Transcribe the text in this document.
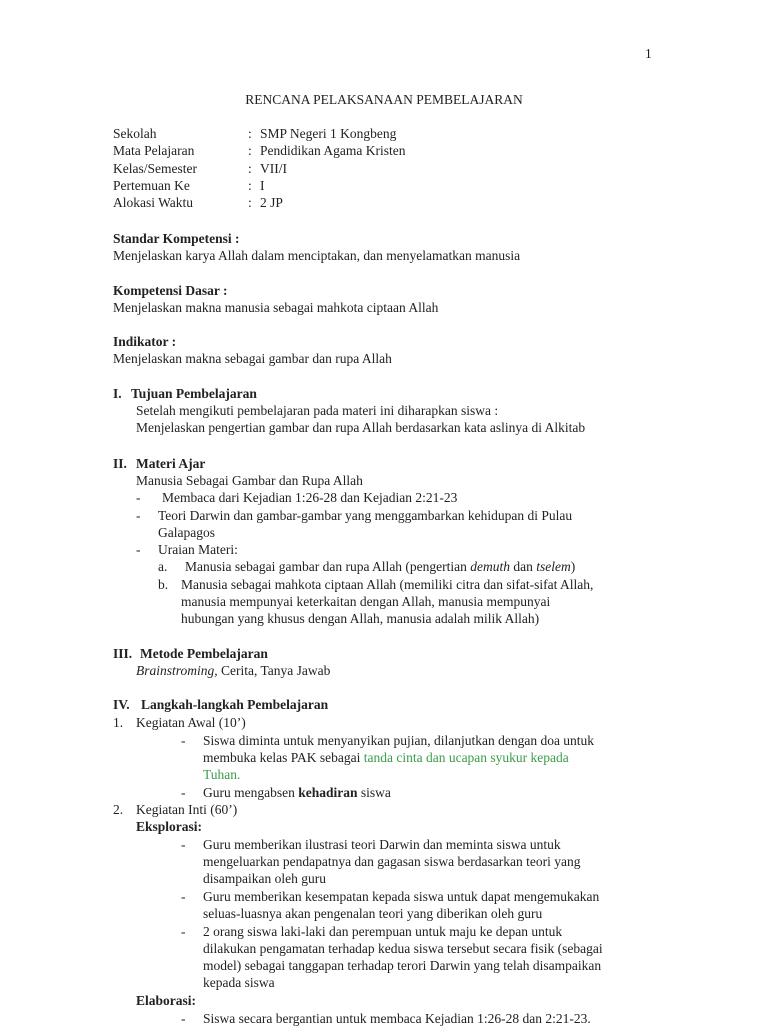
1
RENCANA PELAKSANAAN PEMBELAJARAN
Sekolah	: SMP Negeri 1 Kongbeng
Mata Pelajaran	: Pendidikan Agama Kristen
Kelas/Semester	: VII/I
Pertemuan Ke	: I
Alokasi Waktu	: 2 JP
Standar Kompetensi :
Menjelaskan karya Allah dalam menciptakan, dan menyelamatkan manusia
Kompetensi Dasar :
Menjelaskan makna manusia sebagai mahkota ciptaan Allah
Indikator :
Menjelaskan makna sebagai gambar dan rupa Allah
I. Tujuan Pembelajaran
Setelah mengikuti pembelajaran pada materi ini diharapkan siswa :
Menjelaskan pengertian gambar dan rupa Allah berdasarkan kata aslinya di Alkitab
II. Materi Ajar
Manusia Sebagai Gambar dan Rupa Allah
- Membaca dari Kejadian 1:26-28 dan Kejadian 2:21-23
- Teori Darwin dan gambar-gambar yang menggambarkan kehidupan di Pulau
Galapagos
- Uraian Materi:
a. Manusia sebagai gambar dan rupa Allah (pengertian demuth dan tselem)
b. Manusia sebagai mahkota ciptaan Allah (memiliki citra dan sifat-sifat Allah,
manusia mempunyai keterkaitan dengan Allah, manusia mempunyai
hubungan yang khusus dengan Allah, manusia adalah milik Allah)
III. Metode Pembelajaran
Brainstroming, Cerita, Tanya Jawab
IV. Langkah-langkah Pembelajaran
1. Kegiatan Awal (10’)
- Siswa diminta untuk menyanyikan pujian, dilanjutkan dengan doa untuk
membuka kelas PAK sebagai tanda cinta dan ucapan syukur kepada
Tuhan.
- Guru mengabsen kehadiran siswa
2. Kegiatan Inti (60’)
Eksplorasi:
- Guru memberikan ilustrasi teori Darwin dan meminta siswa untuk
mengeluarkan pendapatnya dan gagasan siswa berdasarkan teori yang
disampaikan oleh guru
- Guru memberikan kesempatan kepada siswa untuk dapat mengemukakan
seluas-luasnya akan pengenalan teori yang diberikan oleh guru
- 2 orang siswa laki-laki dan perempuan untuk maju ke depan untuk
dilakukan pengamatan terhadap kedua siswa tersebut secara fisik (sebagai
model) sebagai tanggapan terhadap terori Darwin yang telah disampaikan
kepada siswa
Elaborasi:
- Siswa secara bergantian untuk membaca Kejadian 1:26-28 dan 2:21-23.
